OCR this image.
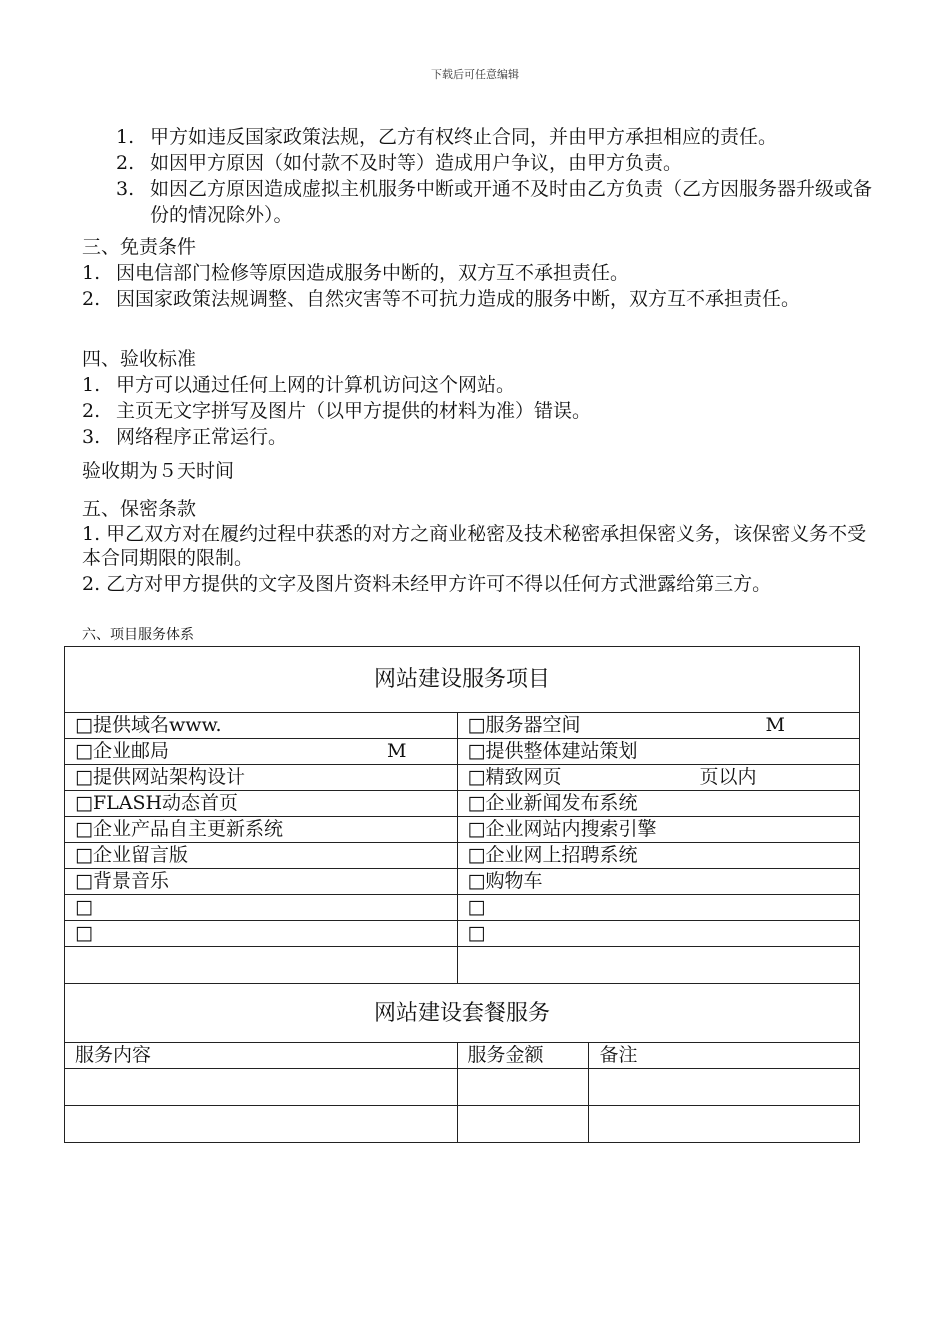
下载后可任意编辑
1. 甲方如违反国家政策法规，乙方有权终止合同，并由甲方承担相应的责任。
2. 如因甲方原因（如付款不及时等）造成用户争议，由甲方负责。
3. 如因乙方原因造成虚拟主机服务中断或开通不及时由乙方负责（乙方因服务器升级或备份的情况除外）。
三、免责条件
1. 因电信部门检修等原因造成服务中断的，双方互不承担责任。
2. 因国家政策法规调整、自然灾害等不可抗力造成的服务中断，双方互不承担责任。
四、验收标准
1. 甲方可以通过任何上网的计算机访问这个网站。
2. 主页无文字拼写及图片（以甲方提供的材料为准）错误。
3. 网络程序正常运行。
验收期为５天时间
五、保密条款
1. 甲乙双方对在履约过程中获悉的对方之商业秘密及技术秘密承担保密义务，该保密义务不受本合同期限的限制。
2. 乙方对甲方提供的文字及图片资料未经甲方许可不得以任何方式泄露给第三方。
六、项目服务体系
网站建设服务项目		
□提供域名www.	□服务器空间 M	

□企业邮局 M	□提供整体建站策划	
□提供网站架构设计	□精致网页 页以内	

□FLASH动态首页	□企业新闻发布系统	
□企业产品自主更新系统	□企业网站内搜索引擎	
□企业留言版	□企业网上招聘系统	
□背景音乐	□购物车	
□	□	
□	□	

网站建设套餐服务		
服务内容	服务金额	备注
